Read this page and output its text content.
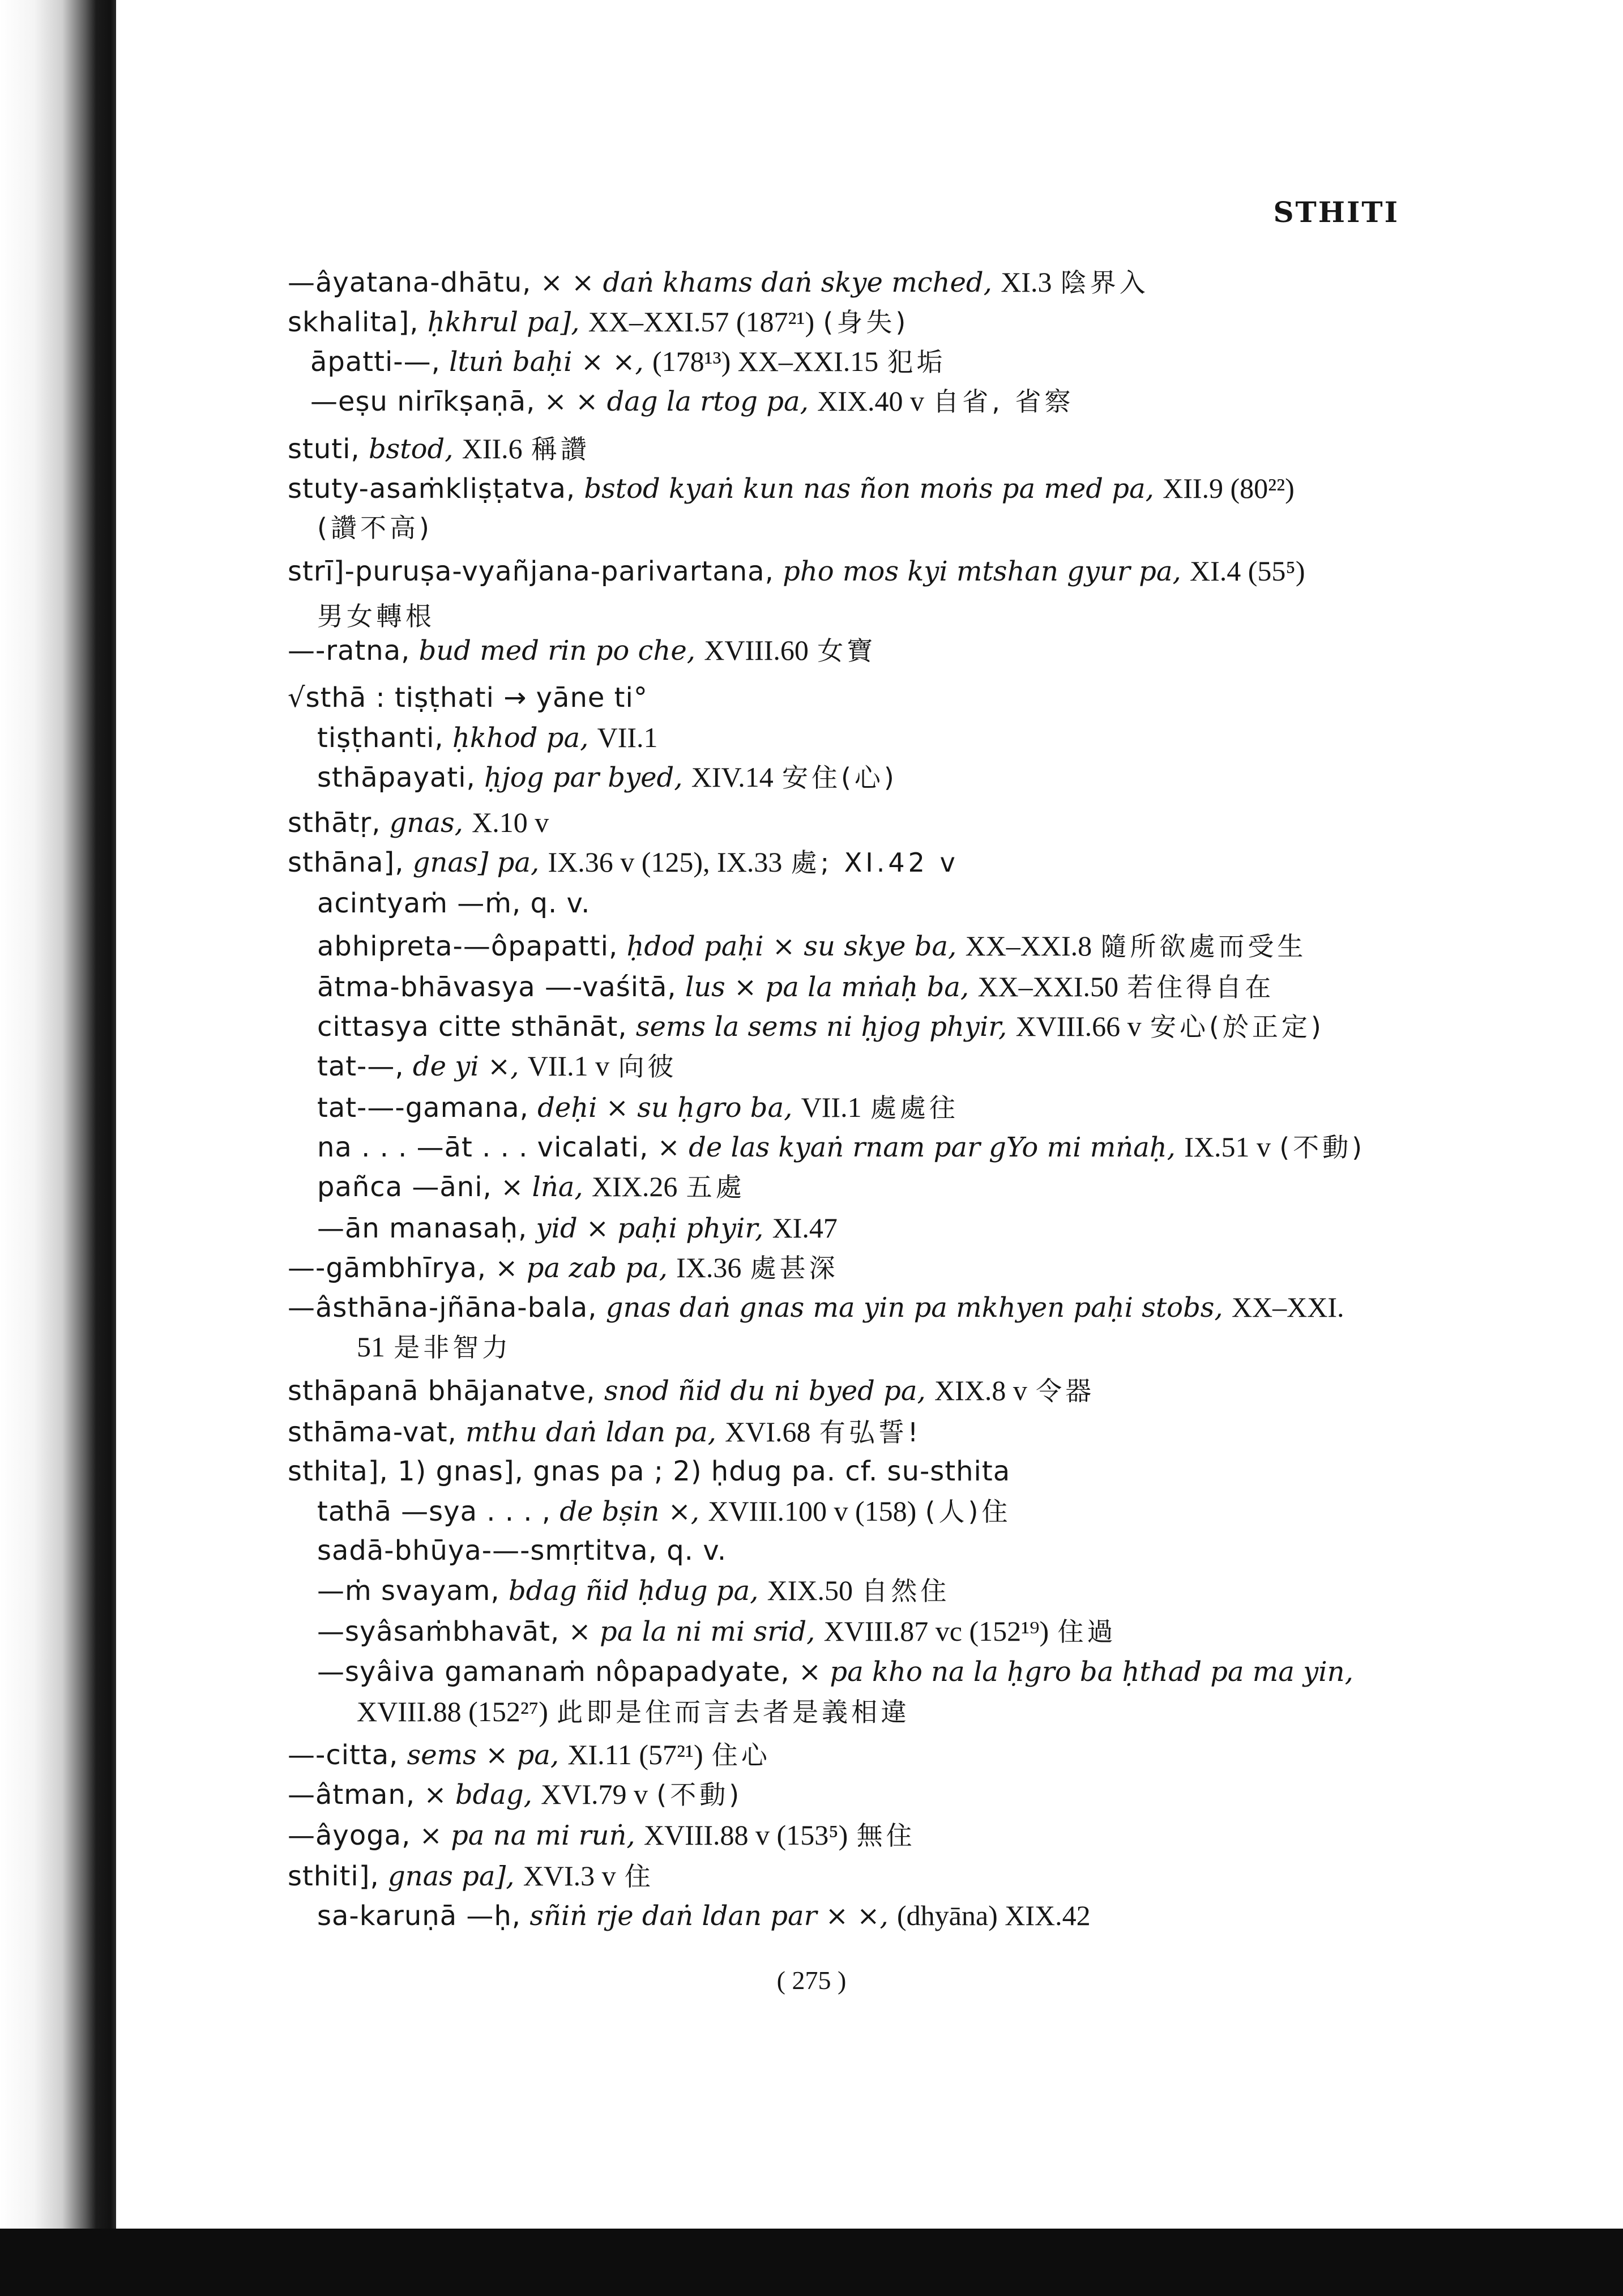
STHITI
—âyatana-dhātu, × × daṅ khams daṅ skye mched, XI.3 陰界入
skhalita], ḥkhrul pa], XX–XXI.57 (187²¹) (身失)
āpatti-—, ltuṅ baḥi × ×, (178¹³) XX–XXI.15 犯垢
—eṣu nirīkṣaṇā, × × dag la rtog pa, XIX.40 v 自省, 省察
stuti, bstod, XII.6 稱讚
stuty-asaṁkliṣṭatva, bstod kyaṅ kun nas ñon moṅs pa med pa, XII.9 (80²²)
(讚不高)
strī]-puruṣa-vyañjana-parivartana, pho mos kyi mtshan gyur pa, XI.4 (55⁵)
男女轉根
—-ratna, bud med rin po che, XVIII.60 女寶
√sthā : tiṣṭhati → yāne ti°
tiṣṭhanti, ḥkhod pa, VII.1
sthāpayati, ḥjog par byed, XIV.14 安住(心)
sthātṛ, gnas, X.10 v
sthāna], gnas] pa, IX.36 v (125), IX.33 處; XI.42 v
acintyaṁ —ṁ, q. v.
abhipreta-—ôpapatti, ḥdod paḥi × su skye ba, XX–XXI.8 隨所欲處而受生
ātma-bhāvasya —-vaśitā, lus × pa la mṅaḥ ba, XX–XXI.50 若住得自在
cittasya citte sthānāt, sems la sems ni ḥjog phyir, XVIII.66 v 安心(於正定)
tat-—, de yi ×, VII.1 v 向彼
tat-—-gamana, deḥi × su ḥgro ba, VII.1 處處往
na . . . —āt . . . vicalati, × de las kyaṅ rnam par gYo mi mṅaḥ, IX.51 v (不動)
pañca —āni, × lṅa, XIX.26 五處
—ān manasaḥ, yid × paḥi phyir, XI.47
—-gāmbhīrya, × pa zab pa, IX.36 處甚深
—âsthāna-jñāna-bala, gnas daṅ gnas ma yin pa mkhyen paḥi stobs, XX–XXI.
51 是非智力
sthāpanā bhājanatve, snod ñid du ni byed pa, XIX.8 v 令器
sthāma-vat, mthu daṅ ldan pa, XVI.68 有弘誓!
sthita], 1) gnas], gnas pa ; 2) ḥdug pa. cf. su-sthita
tathā —sya . . . , de bṣin ×, XVIII.100 v (158) (人)住
sadā-bhūya-—-smṛtitva, q. v.
—ṁ svayam, bdag ñid ḥdug pa, XIX.50 自然住
—syâsaṁbhavāt, × pa la ni mi srid, XVIII.87 vc (152¹⁹) 住過
—syâiva gamanaṁ nôpapadyate, × pa kho na la ḥgro ba ḥthad pa ma yin,
XVIII.88 (152²⁷) 此即是住而言去者是義相違
—-citta, sems × pa, XI.11 (57²¹) 住心
—âtman, × bdag, XVI.79 v (不動)
—âyoga, × pa na mi ruṅ, XVIII.88 v (153⁵) 無住
sthiti], gnas pa], XVI.3 v 住
sa-karuṇā —ḥ, sñiṅ rje daṅ ldan par × ×, (dhyāna) XIX.42
( 275 )
